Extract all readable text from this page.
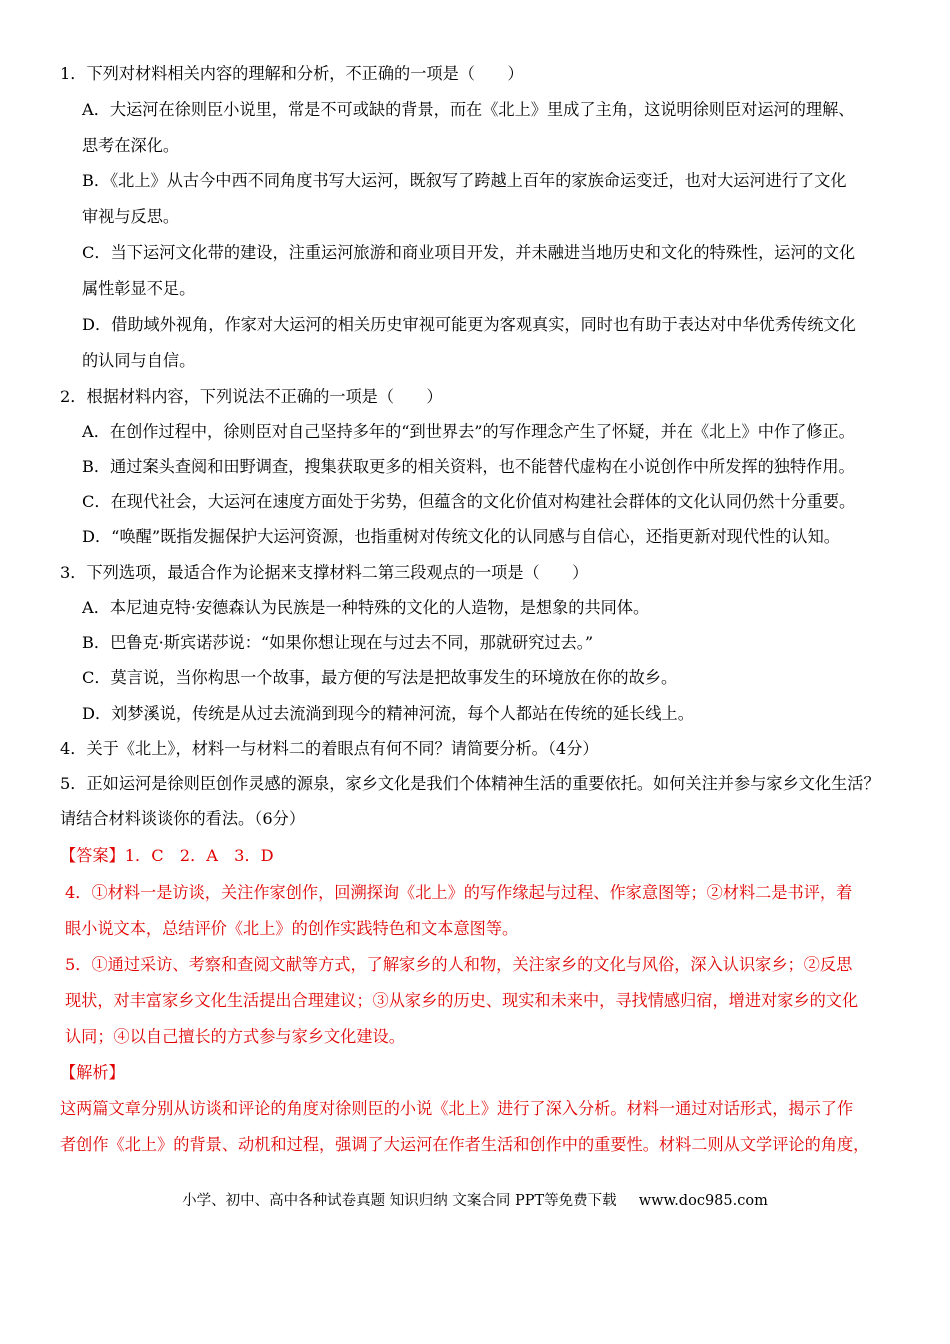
1．下列对材料相关内容的理解和分析，不正确的一项是（　　）
A．大运河在徐则臣小说里，常是不可或缺的背景，而在《北上》里成了主角，这说明徐则臣对运河的理解、
思考在深化。
B．《北上》从古今中西不同角度书写大运河，既叙写了跨越上百年的家族命运变迁，也对大运河进行了文化
审视与反思。
C．当下运河文化带的建设，注重运河旅游和商业项目开发，并未融进当地历史和文化的特殊性，运河的文化
属性彰显不足。
D．借助域外视角，作家对大运河的相关历史审视可能更为客观真实，同时也有助于表达对中华优秀传统文化
的认同与自信。
2．根据材料内容，下列说法不正确的一项是（　　）
A．在创作过程中，徐则臣对自己坚持多年的“到世界去”的写作理念产生了怀疑，并在《北上》中作了修正。
B．通过案头查阅和田野调查，搜集获取更多的相关资料，也不能替代虚构在小说创作中所发挥的独特作用。
C．在现代社会，大运河在速度方面处于劣势，但蕴含的文化价值对构建社会群体的文化认同仍然十分重要。
D．“唤醒”既指发掘保护大运河资源，也指重树对传统文化的认同感与自信心，还指更新对现代性的认知。
3．下列选项，最适合作为论据来支撑材料二第三段观点的一项是（　　）
A．本尼迪克特·安德森认为民族是一种特殊的文化的人造物，是想象的共同体。
B．巴鲁克·斯宾诺莎说：“如果你想让现在与过去不同，那就研究过去。”
C．莫言说，当你构思一个故事，最方便的写法是把故事发生的环境放在你的故乡。
D．刘梦溪说，传统是从过去流淌到现今的精神河流，每个人都站在传统的延长线上。
4．关于《北上》，材料一与材料二的着眼点有何不同？请简要分析。（4分）
5．正如运河是徐则臣创作灵感的源泉，家乡文化是我们个体精神生活的重要依托。如何关注并参与家乡文化生活？
请结合材料谈谈你的看法。（6分）
【答案】1．C　2．A　3．D
4．①材料一是访谈，关注作家创作，回溯探询《北上》的写作缘起与过程、作家意图等；②材料二是书评，着
眼小说文本，总结评价《北上》的创作实践特色和文本意图等。
5．①通过采访、考察和查阅文献等方式，了解家乡的人和物，关注家乡的文化与风俗，深入认识家乡；②反思
现状，对丰富家乡文化生活提出合理建议；③从家乡的历史、现实和未来中，寻找情感归宿，增进对家乡的文化
认同；④以自己擅长的方式参与家乡文化建设。
【解析】
这两篇文章分别从访谈和评论的角度对徐则臣的小说《北上》进行了深入分析。材料一通过对话形式，揭示了作
者创作《北上》的背景、动机和过程，强调了大运河在作者生活和创作中的重要性。材料二则从文学评论的角度，
小学、初中、高中各种试卷真题 知识归纳 文案合同 PPT等免费下载 www.doc985.com
